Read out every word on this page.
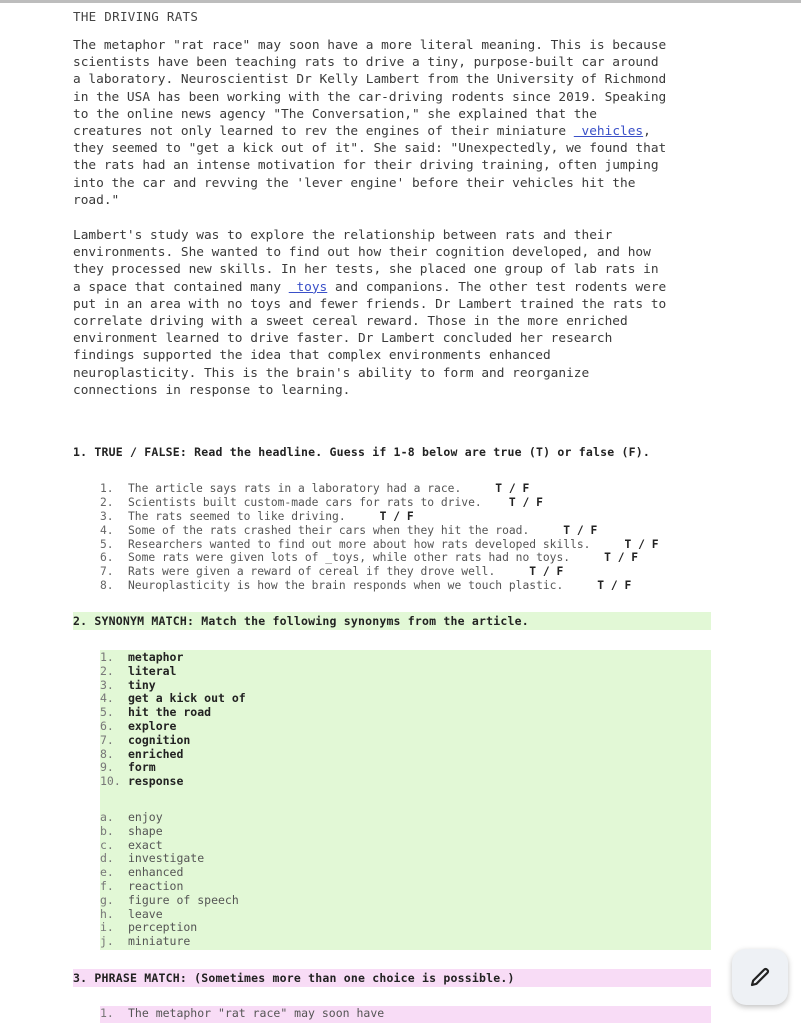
THE DRIVING RATS

The metaphor "rat race" may soon have a more literal meaning. This is because
scientists have been teaching rats to drive a tiny, purpose-built car around
a laboratory. Neuroscientist Dr Kelly Lambert from the University of Richmond
in the USA has been working with the car-driving rodents since 2019. Speaking
to the online news agency "The Conversation," she explained that the
creatures not only learned to rev the engines of their miniature  vehicles,
they seemed to "get a kick out of it". She said: "Unexpectedly, we found that
the rats had an intense motivation for their driving training, often jumping
into the car and revving the 'lever engine' before their vehicles hit the
road."

Lambert's study was to explore the relationship between rats and their
environments. She wanted to find out how their cognition developed, and how
they processed new skills. In her tests, she placed one group of lab rats in
a space that contained many  toys and companions. The other test rodents were
put in an area with no toys and fewer friends. Dr Lambert trained the rats to
correlate driving with a sweet cereal reward. Those in the more enriched
environment learned to drive faster. Dr Lambert concluded her research
findings supported the idea that complex environments enhanced
neuroplasticity. This is the brain's ability to form and reorganize
connections in response to learning.

1. TRUE / FALSE: Read the headline. Guess if 1-8 below are true (T) or false (F).
1. The article says rats in a laboratory had a race.     T / F
2. Scientists built custom-made cars for rats to drive.    T / F
3. The rats seemed to like driving.     T / F
4. Some of the rats crashed their cars when they hit the road.     T / F
5. Researchers wanted to find out more about how rats developed skills.     T / F
6. Some rats were given lots of _toys, while other rats had no toys.     T / F
7. Rats were given a reward of cereal if they drove well.     T / F
8. Neuroplasticity is how the brain responds when we touch plastic.     T / F
2. SYNONYM MATCH: Match the following synonyms from the article.
1. metaphor
2. literal
3. tiny
4. get a kick out of
5. hit the road
6. explore
7. cognition
8. enriched
9. form
10. response
a. enjoy
b. shape
c. exact
d. investigate
e. enhanced
f. reaction
g. figure of speech
h. leave
i. perception
j. miniature
3. PHRASE MATCH: (Sometimes more than one choice is possible.)
1. The metaphor "rat race" may soon have
